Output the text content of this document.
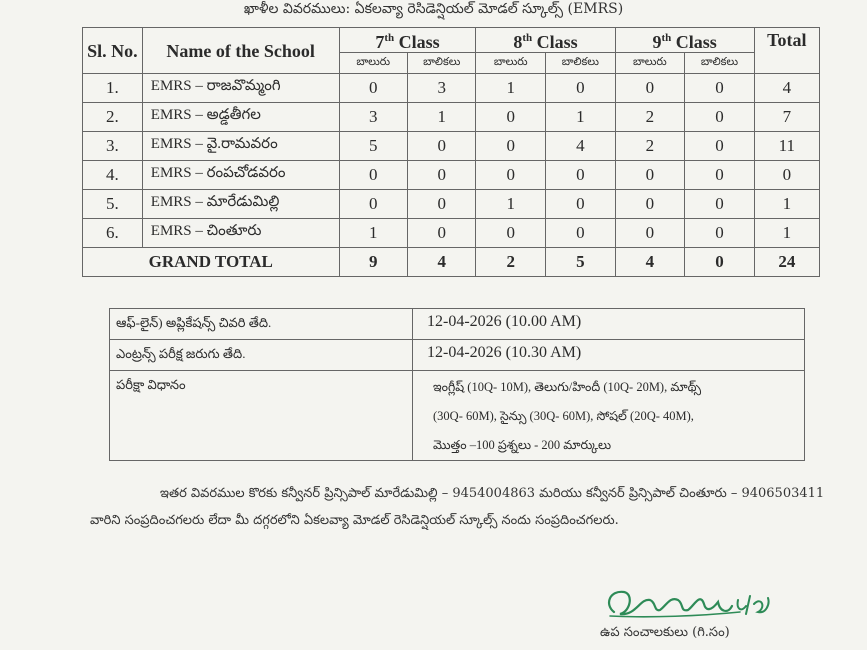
ఖాళీల వివరములు: ఏకలవ్యా రెసిడెన్షియల్ మోడల్ స్కూల్స్ (EMRS)
Sl. No.	Name of the School	7th Class		8th Class		9th Class		Total
		బాలురు	బాలికలు	బాలురు	బాలికలు	బాలురు	బాలికలు	
1.	EMRS – రాజవొమ్మంగి	0	3	1	0	0	0	4
2.	EMRS – అడ్డతీగల	3	1	0	1	2	0	7
3.	EMRS – వై.రామవరం	5	0	0	4	2	0	11
4.	EMRS – రంపచోడవరం	0	0	0	0	0	0	0
5.	EMRS – మారేడుమిల్లి	0	0	1	0	0	0	1
6.	EMRS – చింతూరు	1	0	0	0	0	0	1
GRAND TOTAL		9	4	2	5	4	0	24
ఆఫ్-లైన్) అప్లికేషన్స్ చివరి తేది.	12-04-2026 (10.00 AM)
ఎంట్రన్స్ పరీక్ష జరుగు తేది.	12-04-2026 (10.30 AM)
పరీక్షా విధానం	ఇంగ్లీష్ (10Q- 10M), తెలుగు/హిందీ (10Q- 20M), మాథ్స్
(30Q- 60M), సైన్సు (30Q- 60M), సోషల్ (20Q- 40M),
మొత్తం –100 ప్రశ్నలు - 200 మార్కులు
ఇతర వివరముల కొరకు కన్వీనర్ ప్రిన్సిపాల్ మారేడుమిల్లి – 9454004863 మరియు కన్వీనర్ ప్రిన్సిపాల్ చింతూరు – 9406503411 వారిని సంప్రదించగలరు లేదా మీ దగ్గరలోని ఏకలవ్యా మోడల్ రెసిడెన్షియల్ స్కూల్స్ నందు సంప్రదించగలరు.
ఉప సంచాలకులు (గి.సం)
